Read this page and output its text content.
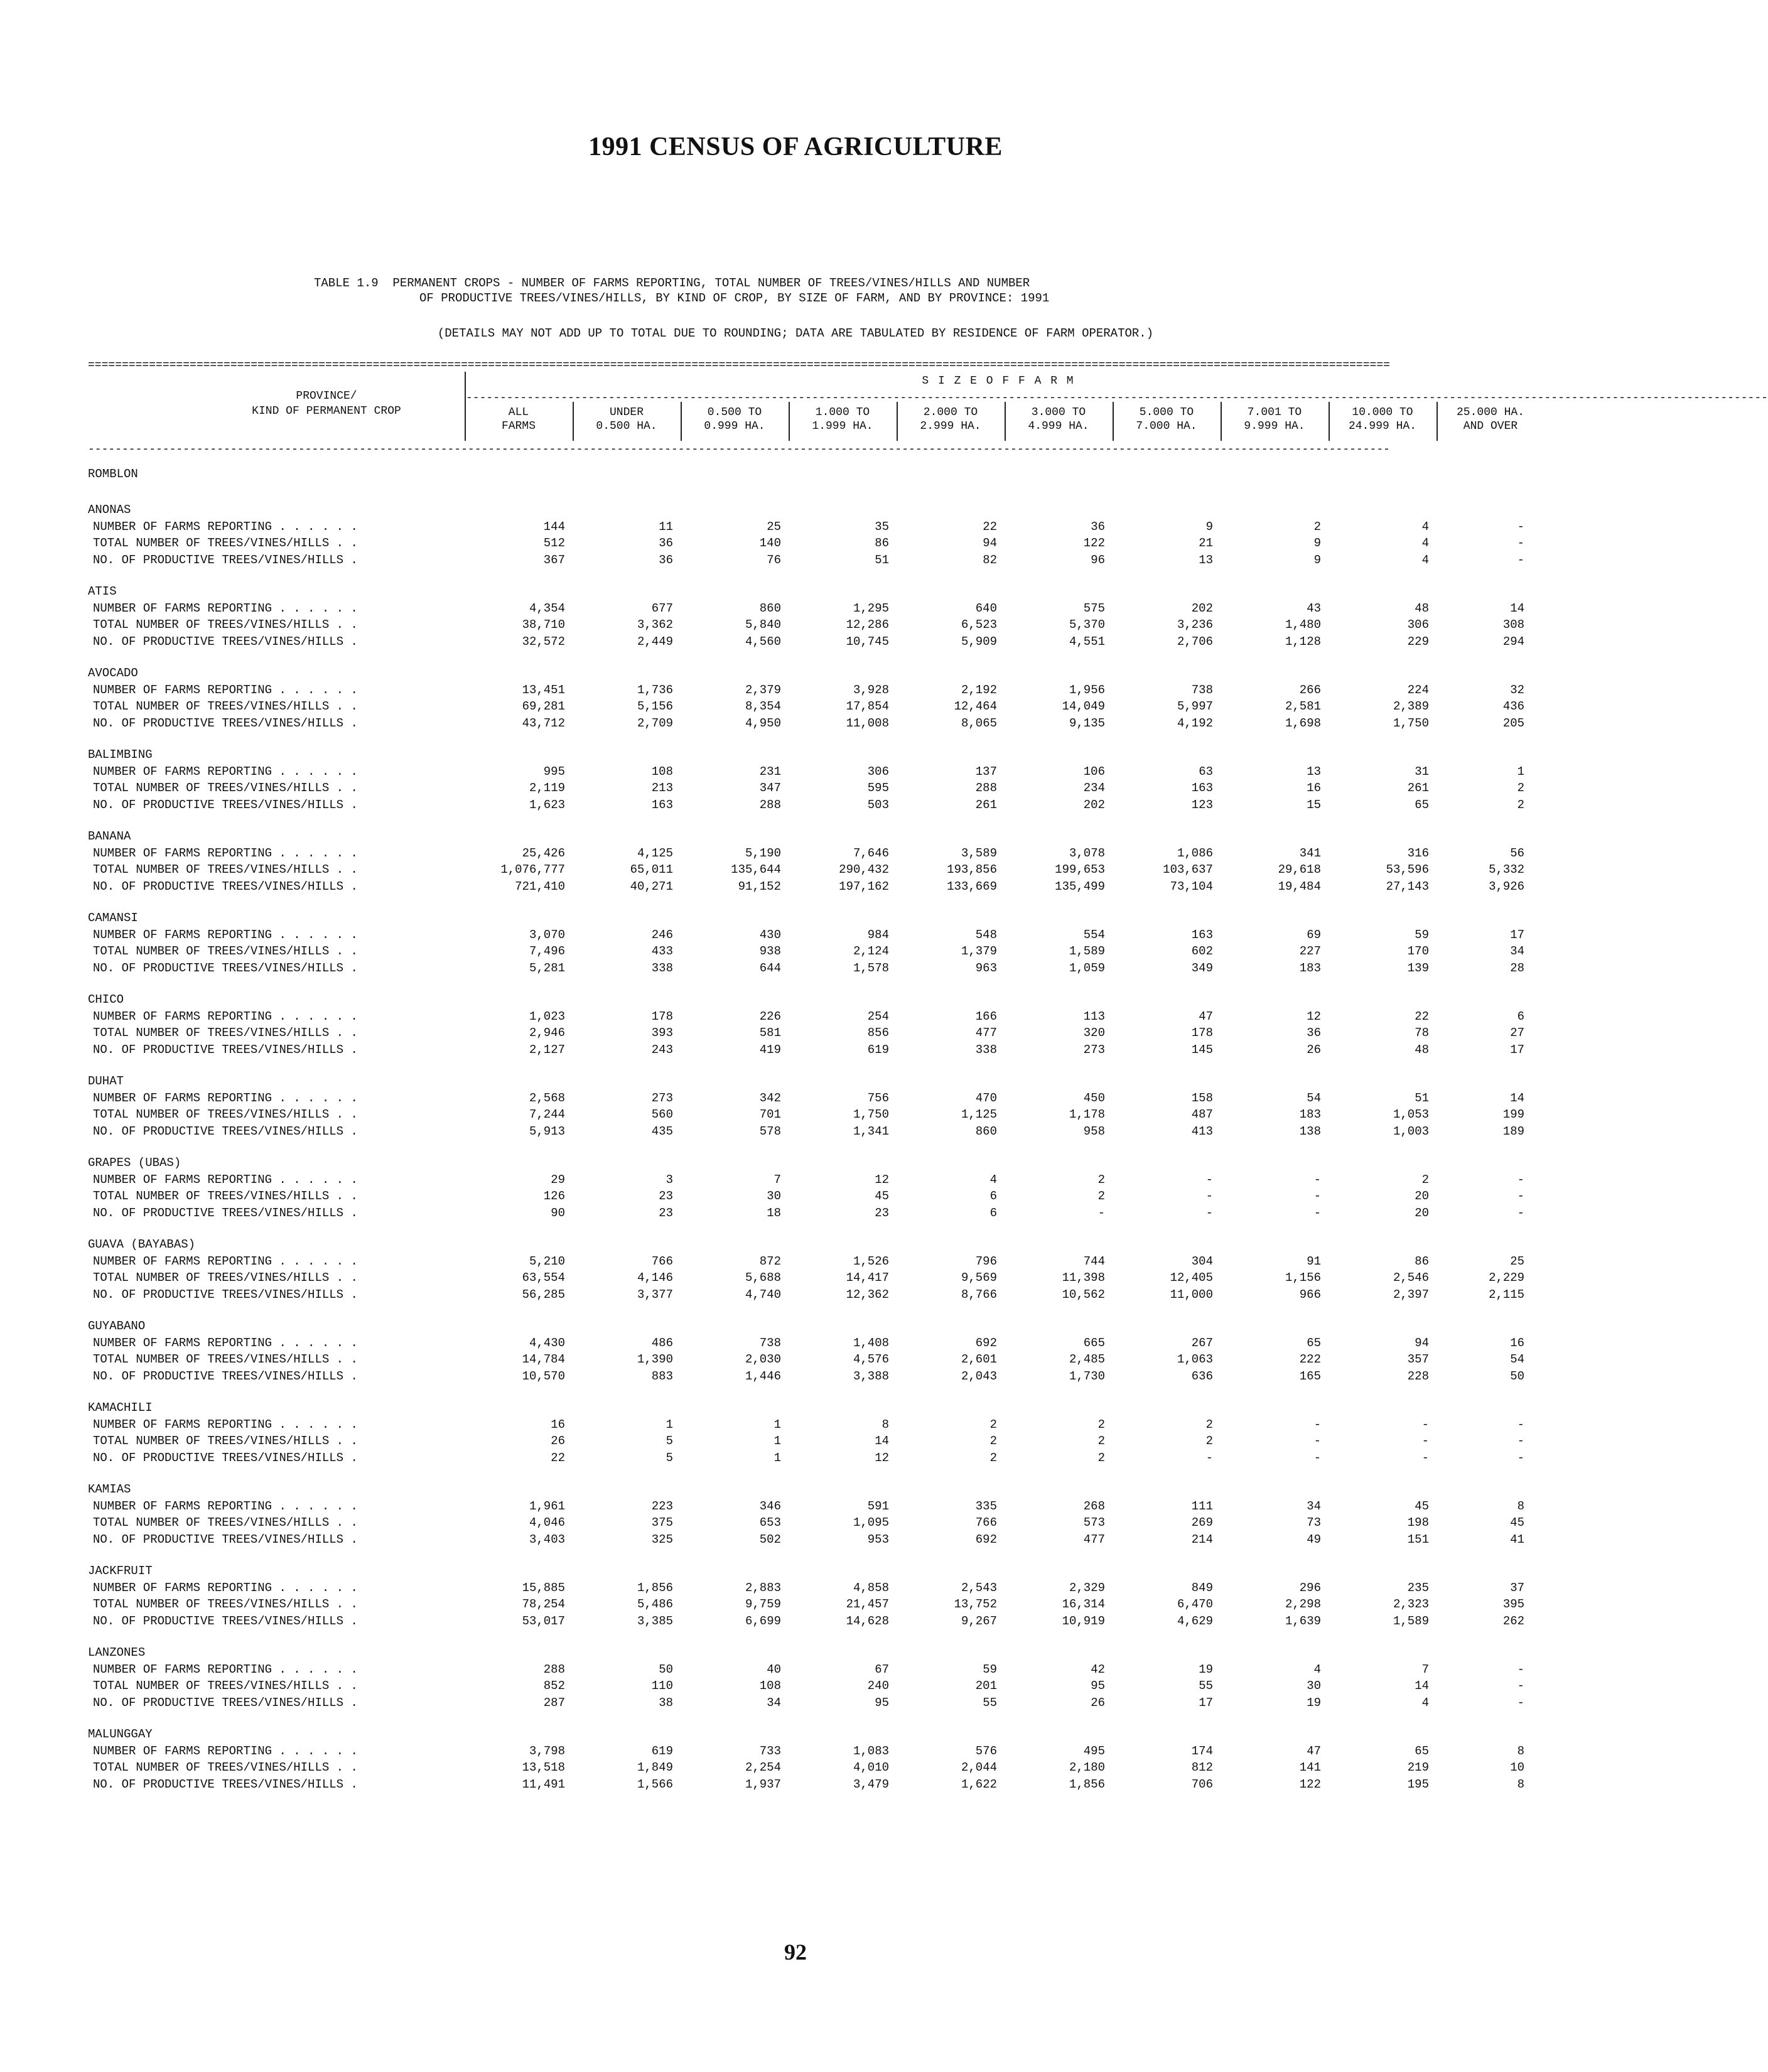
1991 CENSUS OF AGRICULTURE
TABLE 1.9  PERMANENT CROPS - NUMBER OF FARMS REPORTING, TOTAL NUMBER OF TREES/VINES/HILLS AND NUMBER
OF PRODUCTIVE TREES/VINES/HILLS, BY KIND OF CROP, BY SIZE OF FARM, AND BY PROVINCE: 1991
(DETAILS MAY NOT ADD UP TO TOTAL DUE TO ROUNDING; DATA ARE TABULATED BY RESIDENCE OF FARM OPERATOR.)
================================================================================================================================================================================================
PROVINCE/
KIND OF PERMANENT CROP
S I Z E O F F A R M
------------------------------------------------------------------------------------------------------------------------------------------------------------------------------------------------
ALL
FARMS
UNDER
0.500 HA.
0.500 TO
0.999 HA.
1.000 TO
1.999 HA.
2.000 TO
2.999 HA.
3.000 TO
4.999 HA.
5.000 TO
7.000 HA.
7.001 TO
9.999 HA.
10.000 TO
24.999 HA.
25.000 HA.
AND OVER
------------------------------------------------------------------------------------------------------------------------------------------------------------------------------------------------
ROMBLON										
ANONAS										
NUMBER OF FARMS REPORTING . . . . . .	144	11	25	35	22	36	9	2	4	-
TOTAL NUMBER OF TREES/VINES/HILLS . .	512	36	140	86	94	122	21	9	4	-
NO. OF PRODUCTIVE TREES/VINES/HILLS .	367	36	76	51	82	96	13	9	4	-
ATIS										
NUMBER OF FARMS REPORTING . . . . . .	4,354	677	860	1,295	640	575	202	43	48	14
TOTAL NUMBER OF TREES/VINES/HILLS . .	38,710	3,362	5,840	12,286	6,523	5,370	3,236	1,480	306	308
NO. OF PRODUCTIVE TREES/VINES/HILLS .	32,572	2,449	4,560	10,745	5,909	4,551	2,706	1,128	229	294
AVOCADO										
NUMBER OF FARMS REPORTING . . . . . .	13,451	1,736	2,379	3,928	2,192	1,956	738	266	224	32
TOTAL NUMBER OF TREES/VINES/HILLS . .	69,281	5,156	8,354	17,854	12,464	14,049	5,997	2,581	2,389	436
NO. OF PRODUCTIVE TREES/VINES/HILLS .	43,712	2,709	4,950	11,008	8,065	9,135	4,192	1,698	1,750	205
BALIMBING										
NUMBER OF FARMS REPORTING . . . . . .	995	108	231	306	137	106	63	13	31	1
TOTAL NUMBER OF TREES/VINES/HILLS . .	2,119	213	347	595	288	234	163	16	261	2
NO. OF PRODUCTIVE TREES/VINES/HILLS .	1,623	163	288	503	261	202	123	15	65	2
BANANA										
NUMBER OF FARMS REPORTING . . . . . .	25,426	4,125	5,190	7,646	3,589	3,078	1,086	341	316	56
TOTAL NUMBER OF TREES/VINES/HILLS . .	1,076,777	65,011	135,644	290,432	193,856	199,653	103,637	29,618	53,596	5,332
NO. OF PRODUCTIVE TREES/VINES/HILLS .	721,410	40,271	91,152	197,162	133,669	135,499	73,104	19,484	27,143	3,926
CAMANSI										
NUMBER OF FARMS REPORTING . . . . . .	3,070	246	430	984	548	554	163	69	59	17
TOTAL NUMBER OF TREES/VINES/HILLS . .	7,496	433	938	2,124	1,379	1,589	602	227	170	34
NO. OF PRODUCTIVE TREES/VINES/HILLS .	5,281	338	644	1,578	963	1,059	349	183	139	28
CHICO										
NUMBER OF FARMS REPORTING . . . . . .	1,023	178	226	254	166	113	47	12	22	6
TOTAL NUMBER OF TREES/VINES/HILLS . .	2,946	393	581	856	477	320	178	36	78	27
NO. OF PRODUCTIVE TREES/VINES/HILLS .	2,127	243	419	619	338	273	145	26	48	17
DUHAT										
NUMBER OF FARMS REPORTING . . . . . .	2,568	273	342	756	470	450	158	54	51	14
TOTAL NUMBER OF TREES/VINES/HILLS . .	7,244	560	701	1,750	1,125	1,178	487	183	1,053	199
NO. OF PRODUCTIVE TREES/VINES/HILLS .	5,913	435	578	1,341	860	958	413	138	1,003	189
GRAPES (UBAS)										
NUMBER OF FARMS REPORTING . . . . . .	29	3	7	12	4	2	-	-	2	-
TOTAL NUMBER OF TREES/VINES/HILLS . .	126	23	30	45	6	2	-	-	20	-
NO. OF PRODUCTIVE TREES/VINES/HILLS .	90	23	18	23	6	-	-	-	20	-
GUAVA (BAYABAS)										
NUMBER OF FARMS REPORTING . . . . . .	5,210	766	872	1,526	796	744	304	91	86	25
TOTAL NUMBER OF TREES/VINES/HILLS . .	63,554	4,146	5,688	14,417	9,569	11,398	12,405	1,156	2,546	2,229
NO. OF PRODUCTIVE TREES/VINES/HILLS .	56,285	3,377	4,740	12,362	8,766	10,562	11,000	966	2,397	2,115
GUYABANO										
NUMBER OF FARMS REPORTING . . . . . .	4,430	486	738	1,408	692	665	267	65	94	16
TOTAL NUMBER OF TREES/VINES/HILLS . .	14,784	1,390	2,030	4,576	2,601	2,485	1,063	222	357	54
NO. OF PRODUCTIVE TREES/VINES/HILLS .	10,570	883	1,446	3,388	2,043	1,730	636	165	228	50
KAMACHILI										
NUMBER OF FARMS REPORTING . . . . . .	16	1	1	8	2	2	2	-	-	-
TOTAL NUMBER OF TREES/VINES/HILLS . .	26	5	1	14	2	2	2	-	-	-
NO. OF PRODUCTIVE TREES/VINES/HILLS .	22	5	1	12	2	2	-	-	-	-
KAMIAS										
NUMBER OF FARMS REPORTING . . . . . .	1,961	223	346	591	335	268	111	34	45	8
TOTAL NUMBER OF TREES/VINES/HILLS . .	4,046	375	653	1,095	766	573	269	73	198	45
NO. OF PRODUCTIVE TREES/VINES/HILLS .	3,403	325	502	953	692	477	214	49	151	41
JACKFRUIT										
NUMBER OF FARMS REPORTING . . . . . .	15,885	1,856	2,883	4,858	2,543	2,329	849	296	235	37
TOTAL NUMBER OF TREES/VINES/HILLS . .	78,254	5,486	9,759	21,457	13,752	16,314	6,470	2,298	2,323	395
NO. OF PRODUCTIVE TREES/VINES/HILLS .	53,017	3,385	6,699	14,628	9,267	10,919	4,629	1,639	1,589	262
LANZONES										
NUMBER OF FARMS REPORTING . . . . . .	288	50	40	67	59	42	19	4	7	-
TOTAL NUMBER OF TREES/VINES/HILLS . .	852	110	108	240	201	95	55	30	14	-
NO. OF PRODUCTIVE TREES/VINES/HILLS .	287	38	34	95	55	26	17	19	4	-
MALUNGGAY										
NUMBER OF FARMS REPORTING . . . . . .	3,798	619	733	1,083	576	495	174	47	65	8
TOTAL NUMBER OF TREES/VINES/HILLS . .	13,518	1,849	2,254	4,010	2,044	2,180	812	141	219	10
NO. OF PRODUCTIVE TREES/VINES/HILLS .	11,491	1,566	1,937	3,479	1,622	1,856	706	122	195	8
92
